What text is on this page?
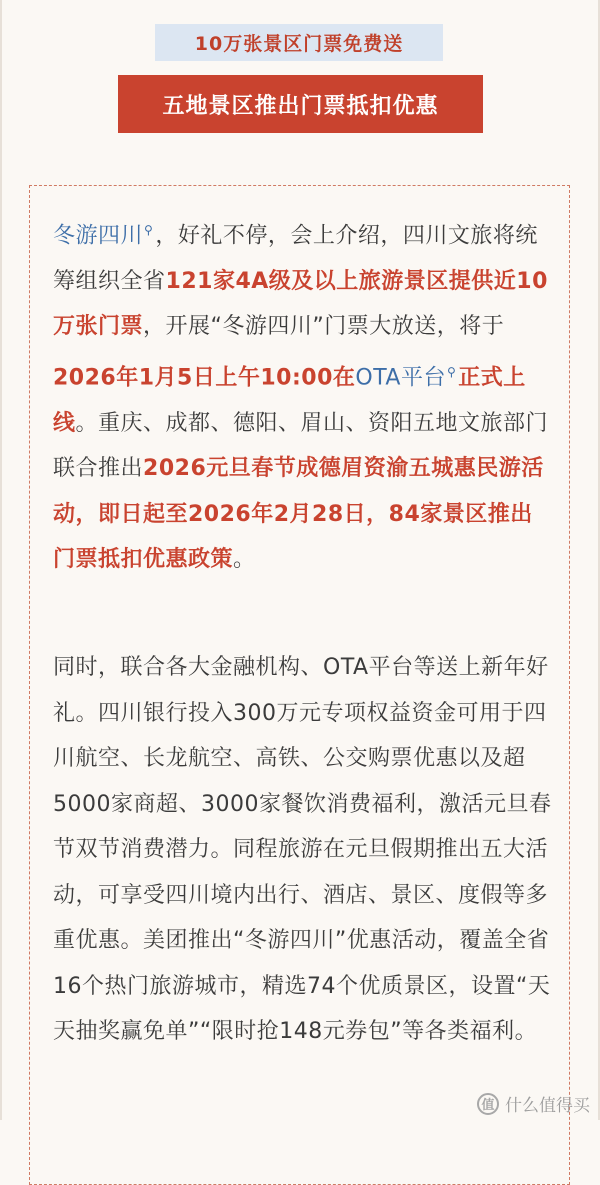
10万张景区门票免费送
五地景区推出门票抵扣优惠

冬游四川⚲，好礼不停，会上介绍，四川文旅将统筹组织全省121家4A级及以上旅游景区提供近10万张门票，开展“冬游四川”门票大放送，将于2026年1月5日上午10:00在OTA平台⚲正式上线。重庆、成都、德阳、眉山、资阳五地文旅部门联合推出2026元旦春节成德眉资渝五城惠民游活动，即日起至2026年2月28日，84家景区推出门票抵扣优惠政策。

同时，联合各大金融机构、OTA平台等送上新年好礼。四川银行投入300万元专项权益资金可用于四川航空、长龙航空、高铁、公交购票优惠以及超5000家商超、3000家餐饮消费福利，激活元旦春节双节消费潜力。同程旅游在元旦假期推出五大活动，可享受四川境内出行、酒店、景区、度假等多重优惠。美团推出“冬游四川”优惠活动，覆盖全省16个热门旅游城市，精选74个优质景区，设置“天天抽奖赢免单”“限时抢148元券包”等各类福利。

值 什么值得买
